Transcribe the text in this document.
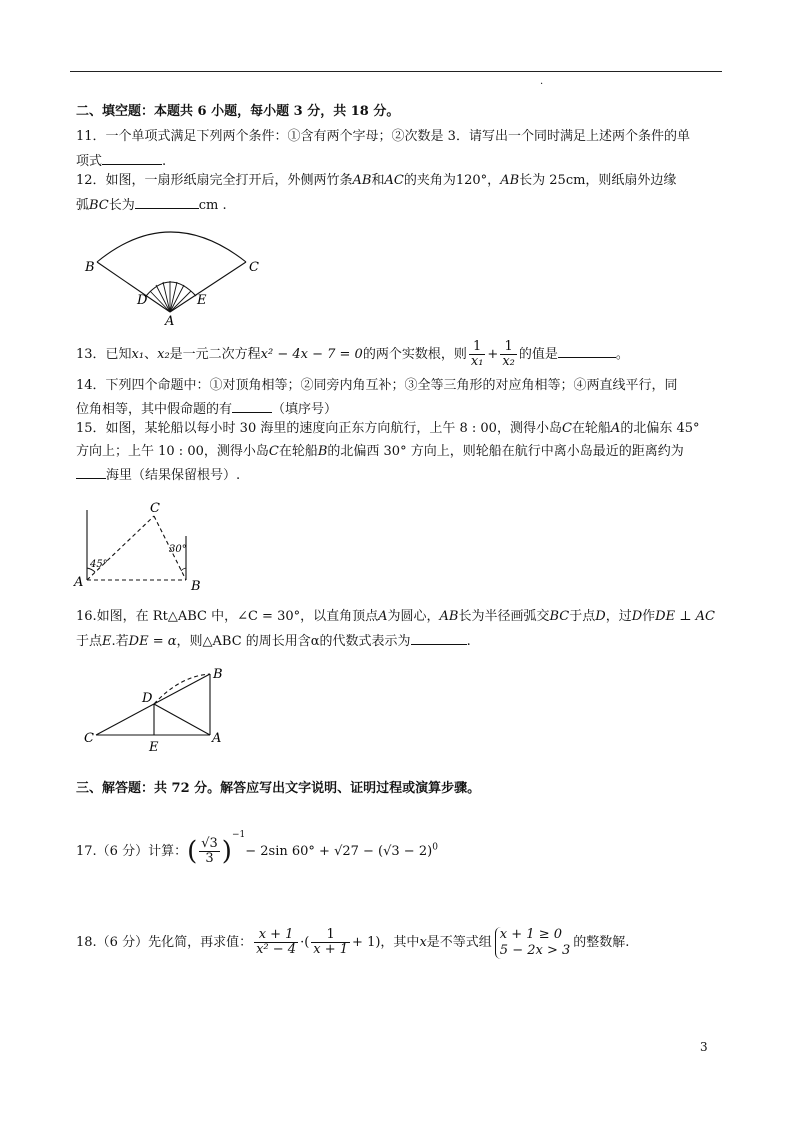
.
二、填空题：本题共 6 小题，每小题 3 分，共 18 分。
11．一个单项式满足下列两个条件：①含有两个字母；②次数是 3．请写出一个同时满足上述两个条件的单
项式	.
12．如图，一扇形纸扇完全打开后，外侧两竹条AB和AC的夹角为120°，AB长为 25cm，则纸扇外边缘
弧BC长为	cm .
B	C
D	E
A
13．已知x₁、x₂是一元二次方程x² − 4x − 7 = 0的两个实数根，则 $\frac{1}{\text{x₁}} + \frac{1}{\text{x₂}}$ 的值是	。
14．下列四个命题中：①对顶角相等；②同旁内角互补；③全等三角形的对应角相等；④两直线平行，同
位角相等，其中假命题的有	（填序号）
15．如图，某轮船以每小时 30 海里的速度向正东方向航行，上午 8 : 00，测得小岛C在轮船A的北偏东 45°
方向上；上午 10 : 00，测得小岛C在轮船B的北偏西 30° 方向上，则轮船在航行中离小岛最近的距离约为
海里（结果保留根号）.
C
A	B
45°
30°
16.如图，在 Rt△ABC 中，∠C = 30°，以直角顶点A为圆心，AB长为半径画弧交BC于点D，过D作DE ⊥ AC
于点E.若DE = α，则△ABC 的周长用含α的代数式表示为	.
B
D
C
E
A
三、解答题：共 72 分。解答应写出文字说明、证明过程或演算步骤。
17.（6 分）计算：( $\frac{√3}{3} )^{-1}- 2\sin$ $60^\circ + √27 - (√3 - 2)^0$
18.（6 分）先化简，再求值： $\frac{x + 1}{\text{x² − 4}}$ ·( $\frac{1}{x + 1} + 1$)，其中x是不等式组
x + 1 ≥ 0
5 − 2x > 3 的整数解.
3
